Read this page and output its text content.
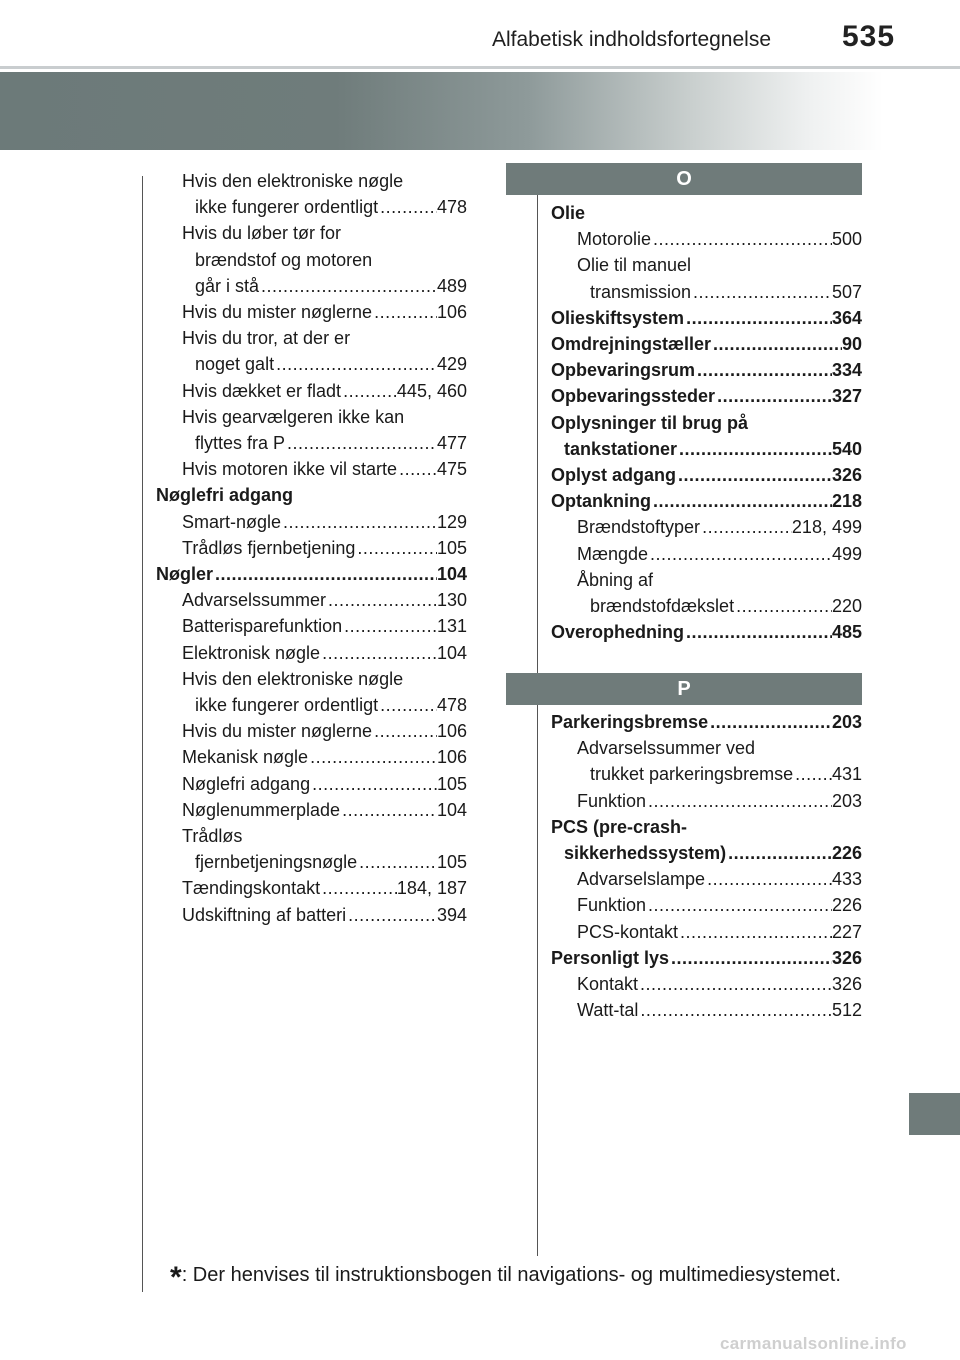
Alfabetisk indholdsfortegnelse 535
Hvis den elektroniske nøgle
ikke fungerer ordentligt .....	478
Hvis du løber tør for
brændstof og motoren
går i stå .....	489
Hvis du mister nøglerne .....	106
Hvis du tror, at der er
noget galt .....	429
Hvis dækket er fladt .....	445, 460
Hvis gearvælgeren ikke kan
flyttes fra P .....	477
Hvis motoren ikke vil starte ..... 475
Nøglefri adgang
Smart-nøgle .....	129
Trådløs fjernbetjening .....	105
Nøgler .....	104
Advarselssummer .....	130
Batterisparefunktion .....	131
Elektronisk nøgle .....	104
Hvis den elektroniske nøgle
ikke fungerer ordentligt .....	478
Hvis du mister nøglerne .....	106
Mekanisk nøgle .....	106
Nøglefri adgang .....	105
Nøglenummerplade .....	104
Trådløs
fjernbetjeningsnøgle .....	105
Tændingskontakt .....	184, 187
Udskiftning af batteri .....	394
O
Olie
Motorolie .....	500
Olie til manuel
transmission .....	507
Olieskiftsystem .....	364
Omdrejningstæller .....	90
Opbevaringsrum .....	334
Opbevaringssteder .....	327
Oplysninger til brug på
tankstationer .....	540
Oplyst adgang .....	326
Optankning .....	218
Brændstoftyper .....	218, 499
Mængde .....	499
Åbning af
brændstofdækslet .....	220
Overophedning .....	485
P
Parkeringsbremse .....	203
Advarselssummer ved
trukket parkeringsbremse ..... 431
Funktion .....	203
PCS (pre-crash-
sikkerhedssystem) .....	226
Advarselslampe .....	433
Funktion .....	226
PCS-kontakt .....	227
Personligt lys .....	326
Kontakt .....	326
Watt-tal .....	512
*: Der henvises til instruktionsbogen til navigations- og multimediesystemet.
carmanualsonline.info
